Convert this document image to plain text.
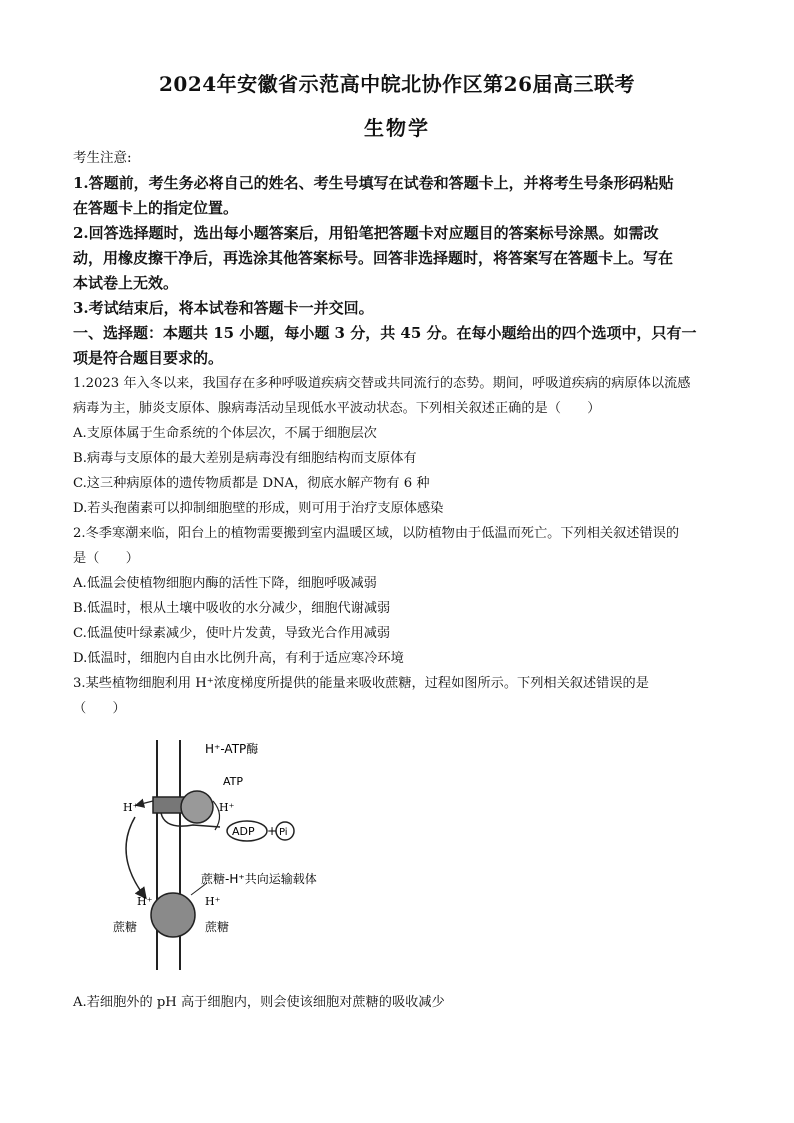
2024年安徽省示范高中皖北协作区第26届高三联考
生物学

考生注意:

1.答题前，考生务必将自己的姓名、考生号填写在试卷和答题卡上，并将考生号条形码粘贴

在答题卡上的指定位置。

2.回答选择题时，选出每小题答案后，用铅笔把答题卡对应题目的答案标号涂黑。如需改

动，用橡皮擦干净后，再选涂其他答案标号。回答非选择题时，将答案写在答题卡上。写在

本试卷上无效。

3.考试结束后，将本试卷和答题卡一并交回。

一、选择题：本题共 15 小题，每小题 3 分，共 45 分。在每小题给出的四个选项中，只有一

项是符合题目要求的。

1.2023 年入冬以来，我国存在多种呼吸道疾病交替或共同流行的态势。期间，呼吸道疾病的病原体以流感

病毒为主，肺炎支原体、腺病毒活动呈现低水平波动状态。下列相关叙述正确的是（　　）

A.支原体属于生命系统的个体层次，不属于细胞层次

B.病毒与支原体的最大差别是病毒没有细胞结构而支原体有

C.这三种病原体的遗传物质都是 DNA，彻底水解产物有 6 种

D.若头孢菌素可以抑制细胞壁的形成，则可用于治疗支原体感染

2.冬季寒潮来临，阳台上的植物需要搬到室内温暖区域，以防植物由于低温而死亡。下列相关叙述错误的

是（　　）

A.低温会使植物细胞内酶的活性下降，细胞呼吸减弱

B.低温时，根从土壤中吸收的水分减少，细胞代谢减弱

C.低温使叶绿素减少，使叶片发黄，导致光合作用减弱

D.低温时，细胞内自由水比例升高，有利于适应寒冷环境

3.某些植物细胞利用 H⁺浓度梯度所提供的能量来吸收蔗糖，过程如图所示。下列相关叙述错误的是

（　　）

H⁺-ATP酶
ATP
H⁺
H⁺
ADP + Pi
蔗糖-H⁺共向运输载体
H⁺	H⁺
蔗糖	蔗糖

A.若细胞外的 pH 高于细胞内，则会使该细胞对蔗糖的吸收减少
